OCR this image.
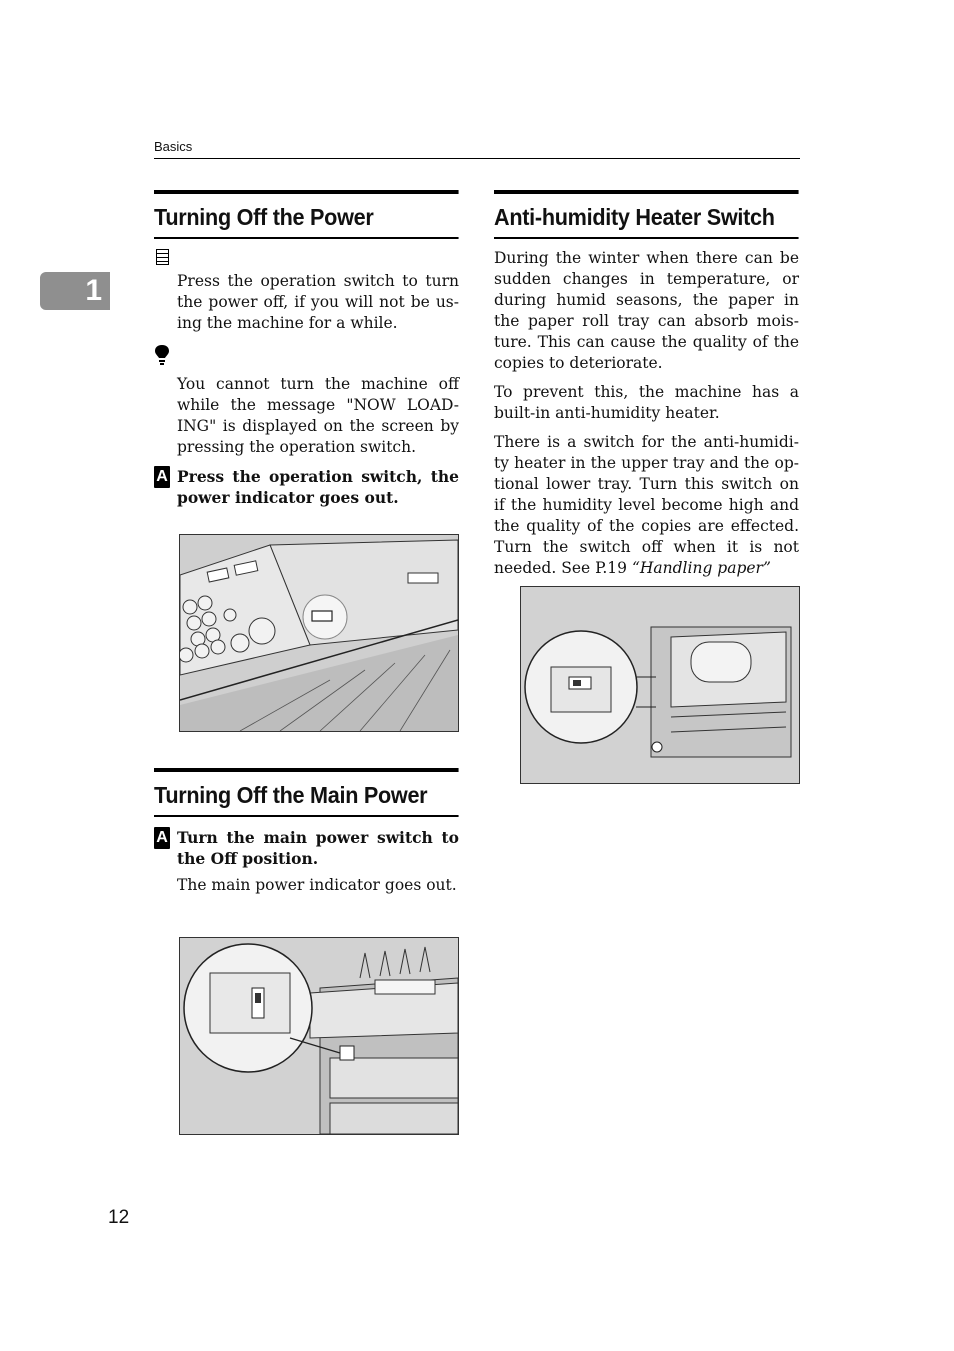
Basics
1
Turning Off the Power

Press the operation switch to turn the power off, if you will not be us-ing the machine for a while.

You cannot turn the machine off while the message "NOW LOAD-ING" is displayed on the screen by pressing the operation switch.

A Press the operation switch, the power indicator goes out.
Turning Off the Main Power
A Turn the main power switch to the Off position.

The main power indicator goes out.

Anti-humidity Heater Switch

During the winter when there can be sudden changes in temperature, or during humid seasons, the paper in the paper roll tray can absorb mois-ture. This can cause the quality of the copies to deteriorate.

To prevent this, the machine has a built-in anti-humidity heater.

There is a switch for the anti-humidi-ty heater in the upper tray and the op-tional lower tray. Turn this switch on if the humidity level become high and the quality of the copies are effected. Turn the switch off when it is not needed. See P.19 “Handling paper”

12
